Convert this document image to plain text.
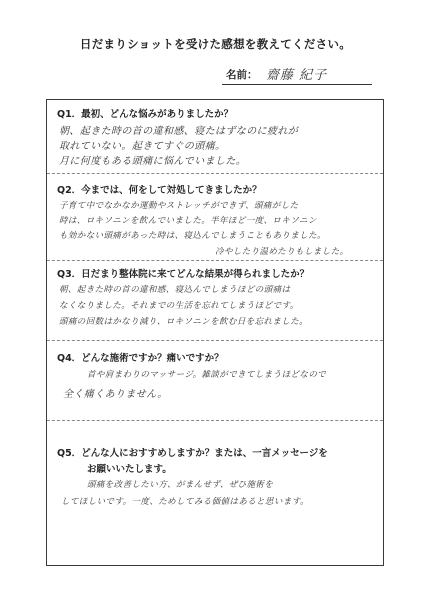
日だまりショットを受けた感想を教えてください。
名前： 齋藤 紀子
Q1．最初、どんな悩みがありましたか？
朝、起きた時の首の違和感、寝たはずなのに疲れが
取れていない。起きてすぐの頭痛。
月に何度もある頭痛に悩んでいました。
Q2．今までは、何をして対処してきましたか？
子育て中でなかなか運動やストレッチができず、頭痛がした
時は、ロキソニンを飲んでいました。半年ほど一度、ロキソニン
も効かない頭痛があった時は、寝込んでしまうこともありました。
冷やしたり温めたりもしました。
Q3．日だまり整体院に来てどんな結果が得られましたか？
朝、起きた時の首の違和感、寝込んでしまうほどの頭痛は
なくなりました。それまでの生活を忘れてしまうほどです。
頭痛の回数はかなり減り、ロキソニンを飲む日を忘れました。
Q4．どんな施術ですか？痛いですか？
首や肩まわりのマッサージ。雑談ができてしまうほどなので
全く痛くありません。
Q5．どんな人におすすめしますか？または、一言メッセージを
お願いいたします。
頭痛を改善したい方、がまんせず、ぜひ施術を
してほしいです。一度、ためしてみる価値はあると思います。
